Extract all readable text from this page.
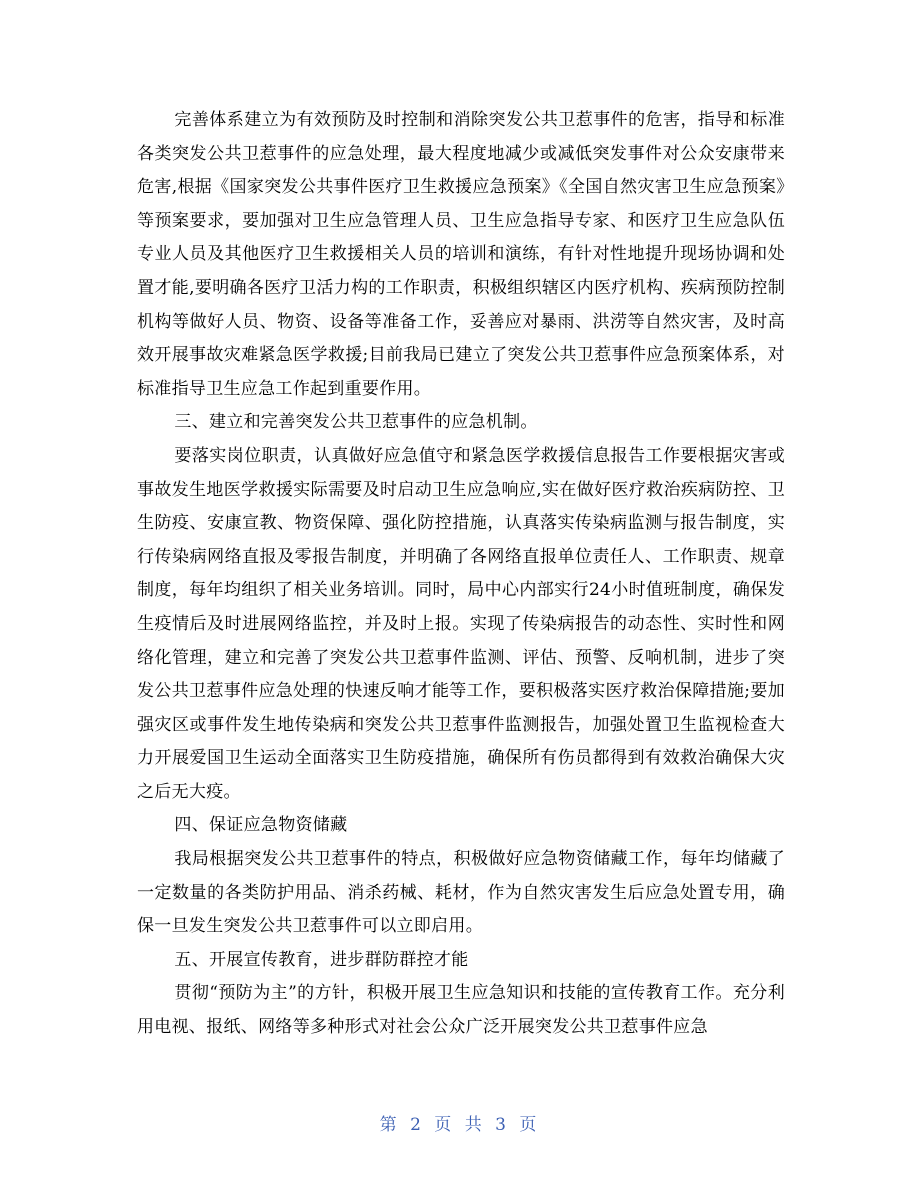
完善体系建立为有效预防及时控制和消除突发公共卫惹事件的危害，指导和标准各类突发公共卫惹事件的应急处理，最大程度地减少或减低突发事件对公众安康带来危害,根据《国家突发公共事件医疗卫生救援应急预案》《全国自然灾害卫生应急预案》等预案要求，要加强对卫生应急管理人员、卫生应急指导专家、和医疗卫生应急队伍专业人员及其他医疗卫生救援相关人员的培训和演练，有针对性地提升现场协调和处置才能,要明确各医疗卫活力构的工作职责，积极组织辖区内医疗机构、疾病预防控制机构等做好人员、物资、设备等准备工作，妥善应对暴雨、洪涝等自然灾害，及时高效开展事故灾难紧急医学救援;目前我局已建立了突发公共卫惹事件应急预案体系，对标准指导卫生应急工作起到重要作用。

三、建立和完善突发公共卫惹事件的应急机制。

要落实岗位职责，认真做好应急值守和紧急医学救援信息报告工作要根据灾害或事故发生地医学救援实际需要及时启动卫生应急响应,实在做好医疗救治疾病防控、卫生防疫、安康宣教、物资保障、强化防控措施，认真落实传染病监测与报告制度，实行传染病网络直报及零报告制度，并明确了各网络直报单位责任人、工作职责、规章制度，每年均组织了相关业务培训。同时，局中心内部实行24小时值班制度，确保发生疫情后及时进展网络监控，并及时上报。实现了传染病报告的动态性、实时性和网络化管理，建立和完善了突发公共卫惹事件监测、评估、预警、反响机制，进步了突发公共卫惹事件应急处理的快速反响才能等工作，要积极落实医疗救治保障措施;要加强灾区或事件发生地传染病和突发公共卫惹事件监测报告，加强处置卫生监视检查大力开展爱国卫生运动全面落实卫生防疫措施，确保所有伤员都得到有效救治确保大灾之后无大疫。

四、保证应急物资储藏

我局根据突发公共卫惹事件的特点，积极做好应急物资储藏工作，每年均储藏了一定数量的各类防护用品、消杀药械、耗材，作为自然灾害发生后应急处置专用，确保一旦发生突发公共卫惹事件可以立即启用。

五、开展宣传教育，进步群防群控才能

贯彻“预防为主”的方针，积极开展卫生应急知识和技能的宣传教育工作。充分利用电视、报纸、网络等多种形式对社会公众广泛开展突发公共卫惹事件应急

第 2 页 共 3 页
